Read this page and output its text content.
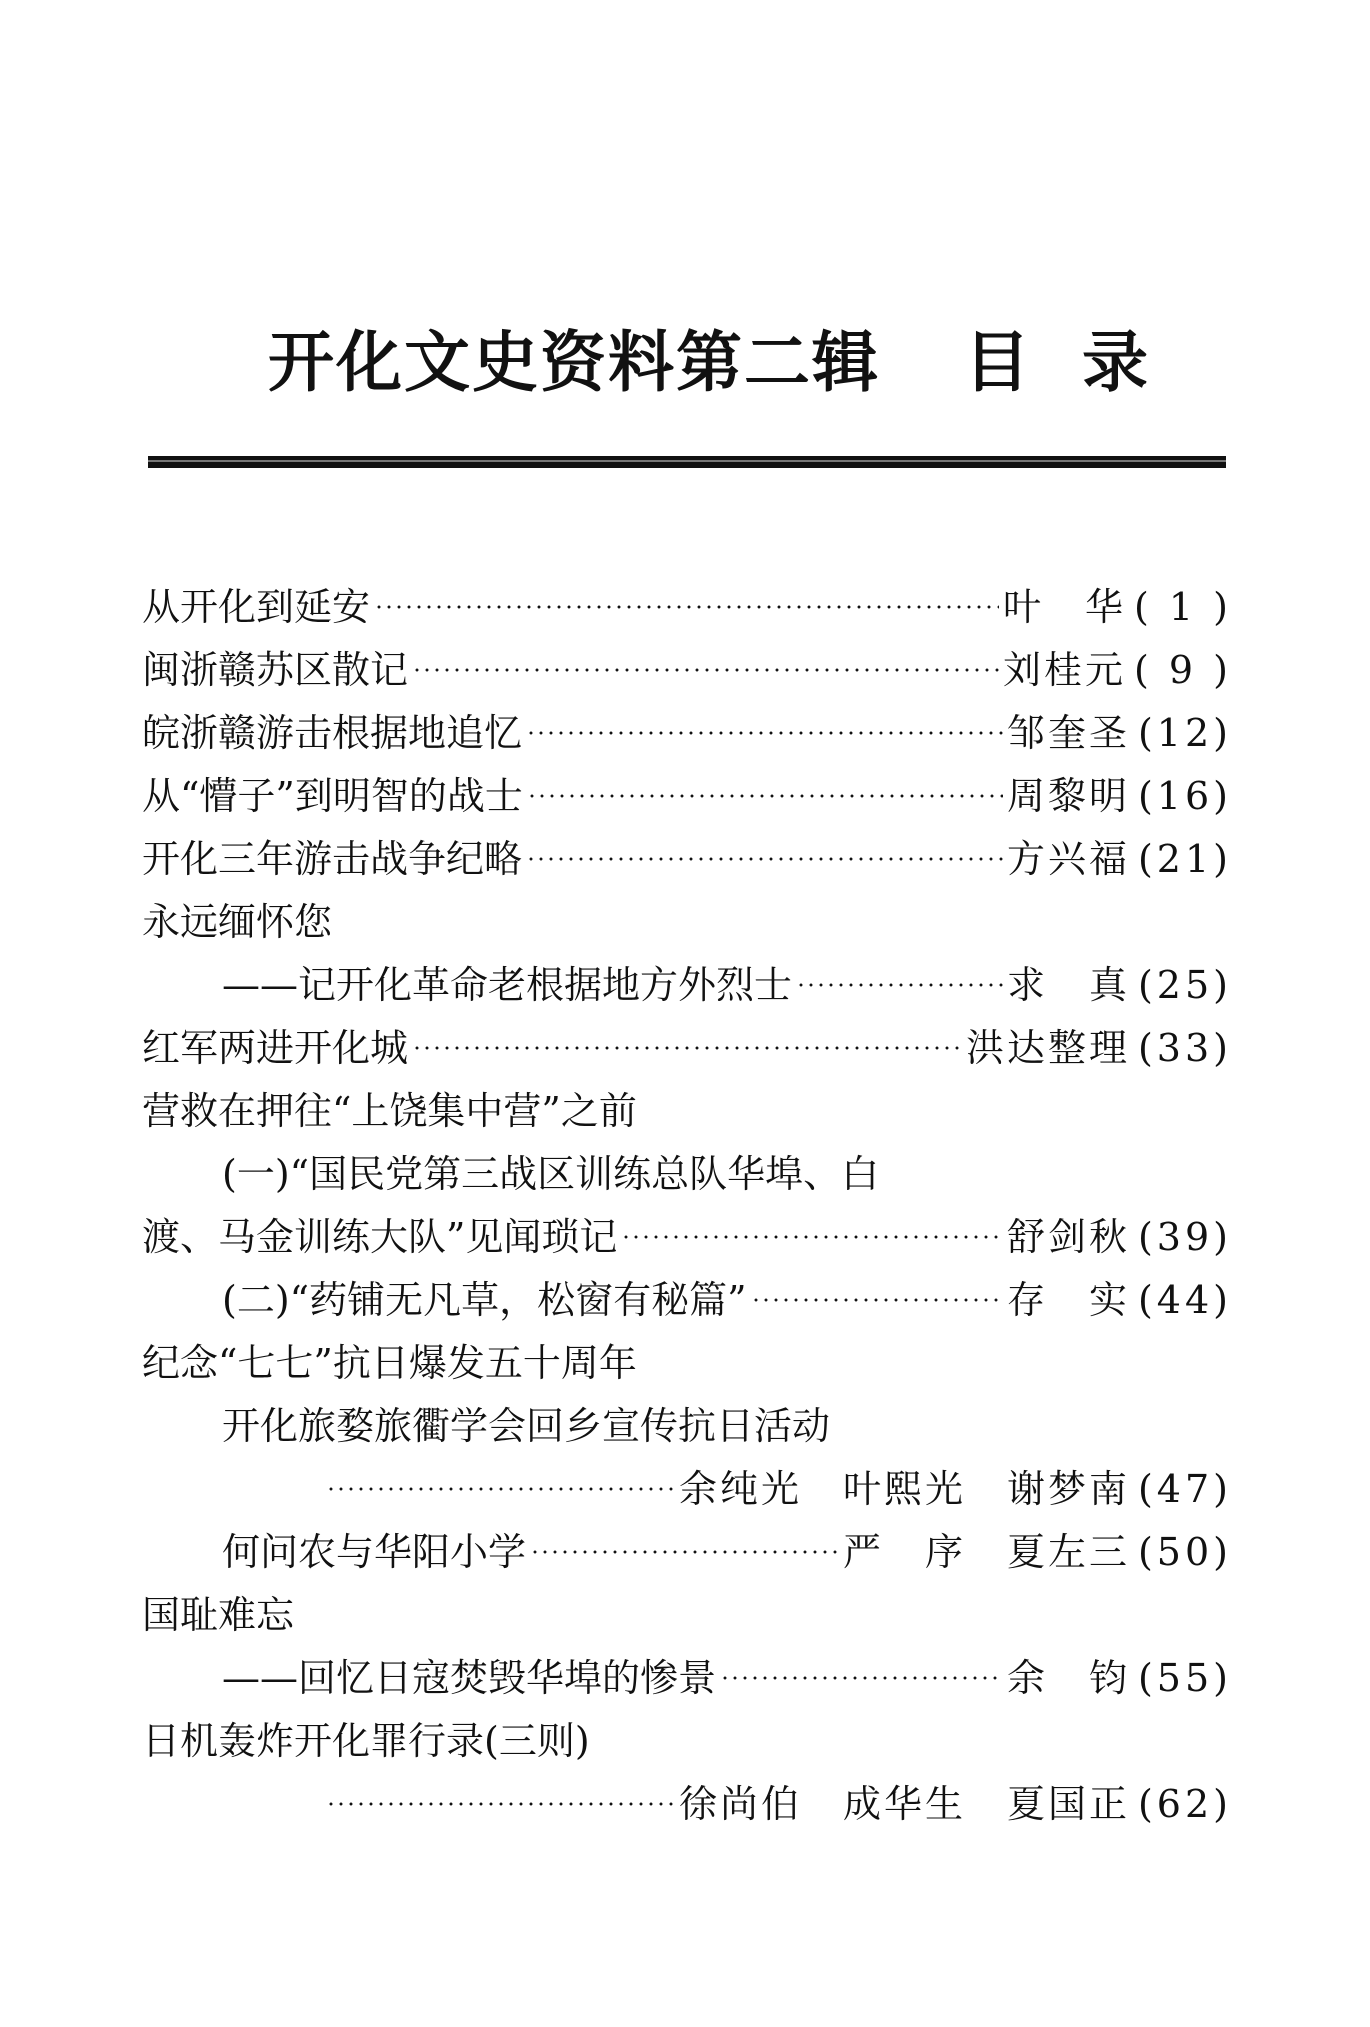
开化文史资料第二辑 目录
从开化到延安	叶　华 ( 1 )
闽浙赣苏区散记	刘桂元 ( 9 )
皖浙赣游击根据地追忆	邹奎圣 (12)
从“懵子”到明智的战士	周黎明 (16)
开化三年游击战争纪略	方兴福 (21)
永远缅怀您
——记开化革命老根据地方外烈士	求　真 (25)
红军两进开化城	洪达整理 (33)
营救在押往“上饶集中营”之前
(一)“国民党第三战区训练总队华埠、白
渡、马金训练大队”见闻琐记	舒剑秋 (39)
(二)“药铺无凡草，松窗有秘篇”	存　实 (44)
纪念“七七”抗日爆发五十周年
开化旅婺旅衢学会回乡宣传抗日活动
余纯光　叶熙光　谢梦南 (47)
何问农与华阳小学	严　序　夏左三 (50)
国耻难忘
——回忆日寇焚毁华埠的惨景	余　钧 (55)
日机轰炸开化罪行录(三则)
徐尚伯　成华生　夏国正 (62)
